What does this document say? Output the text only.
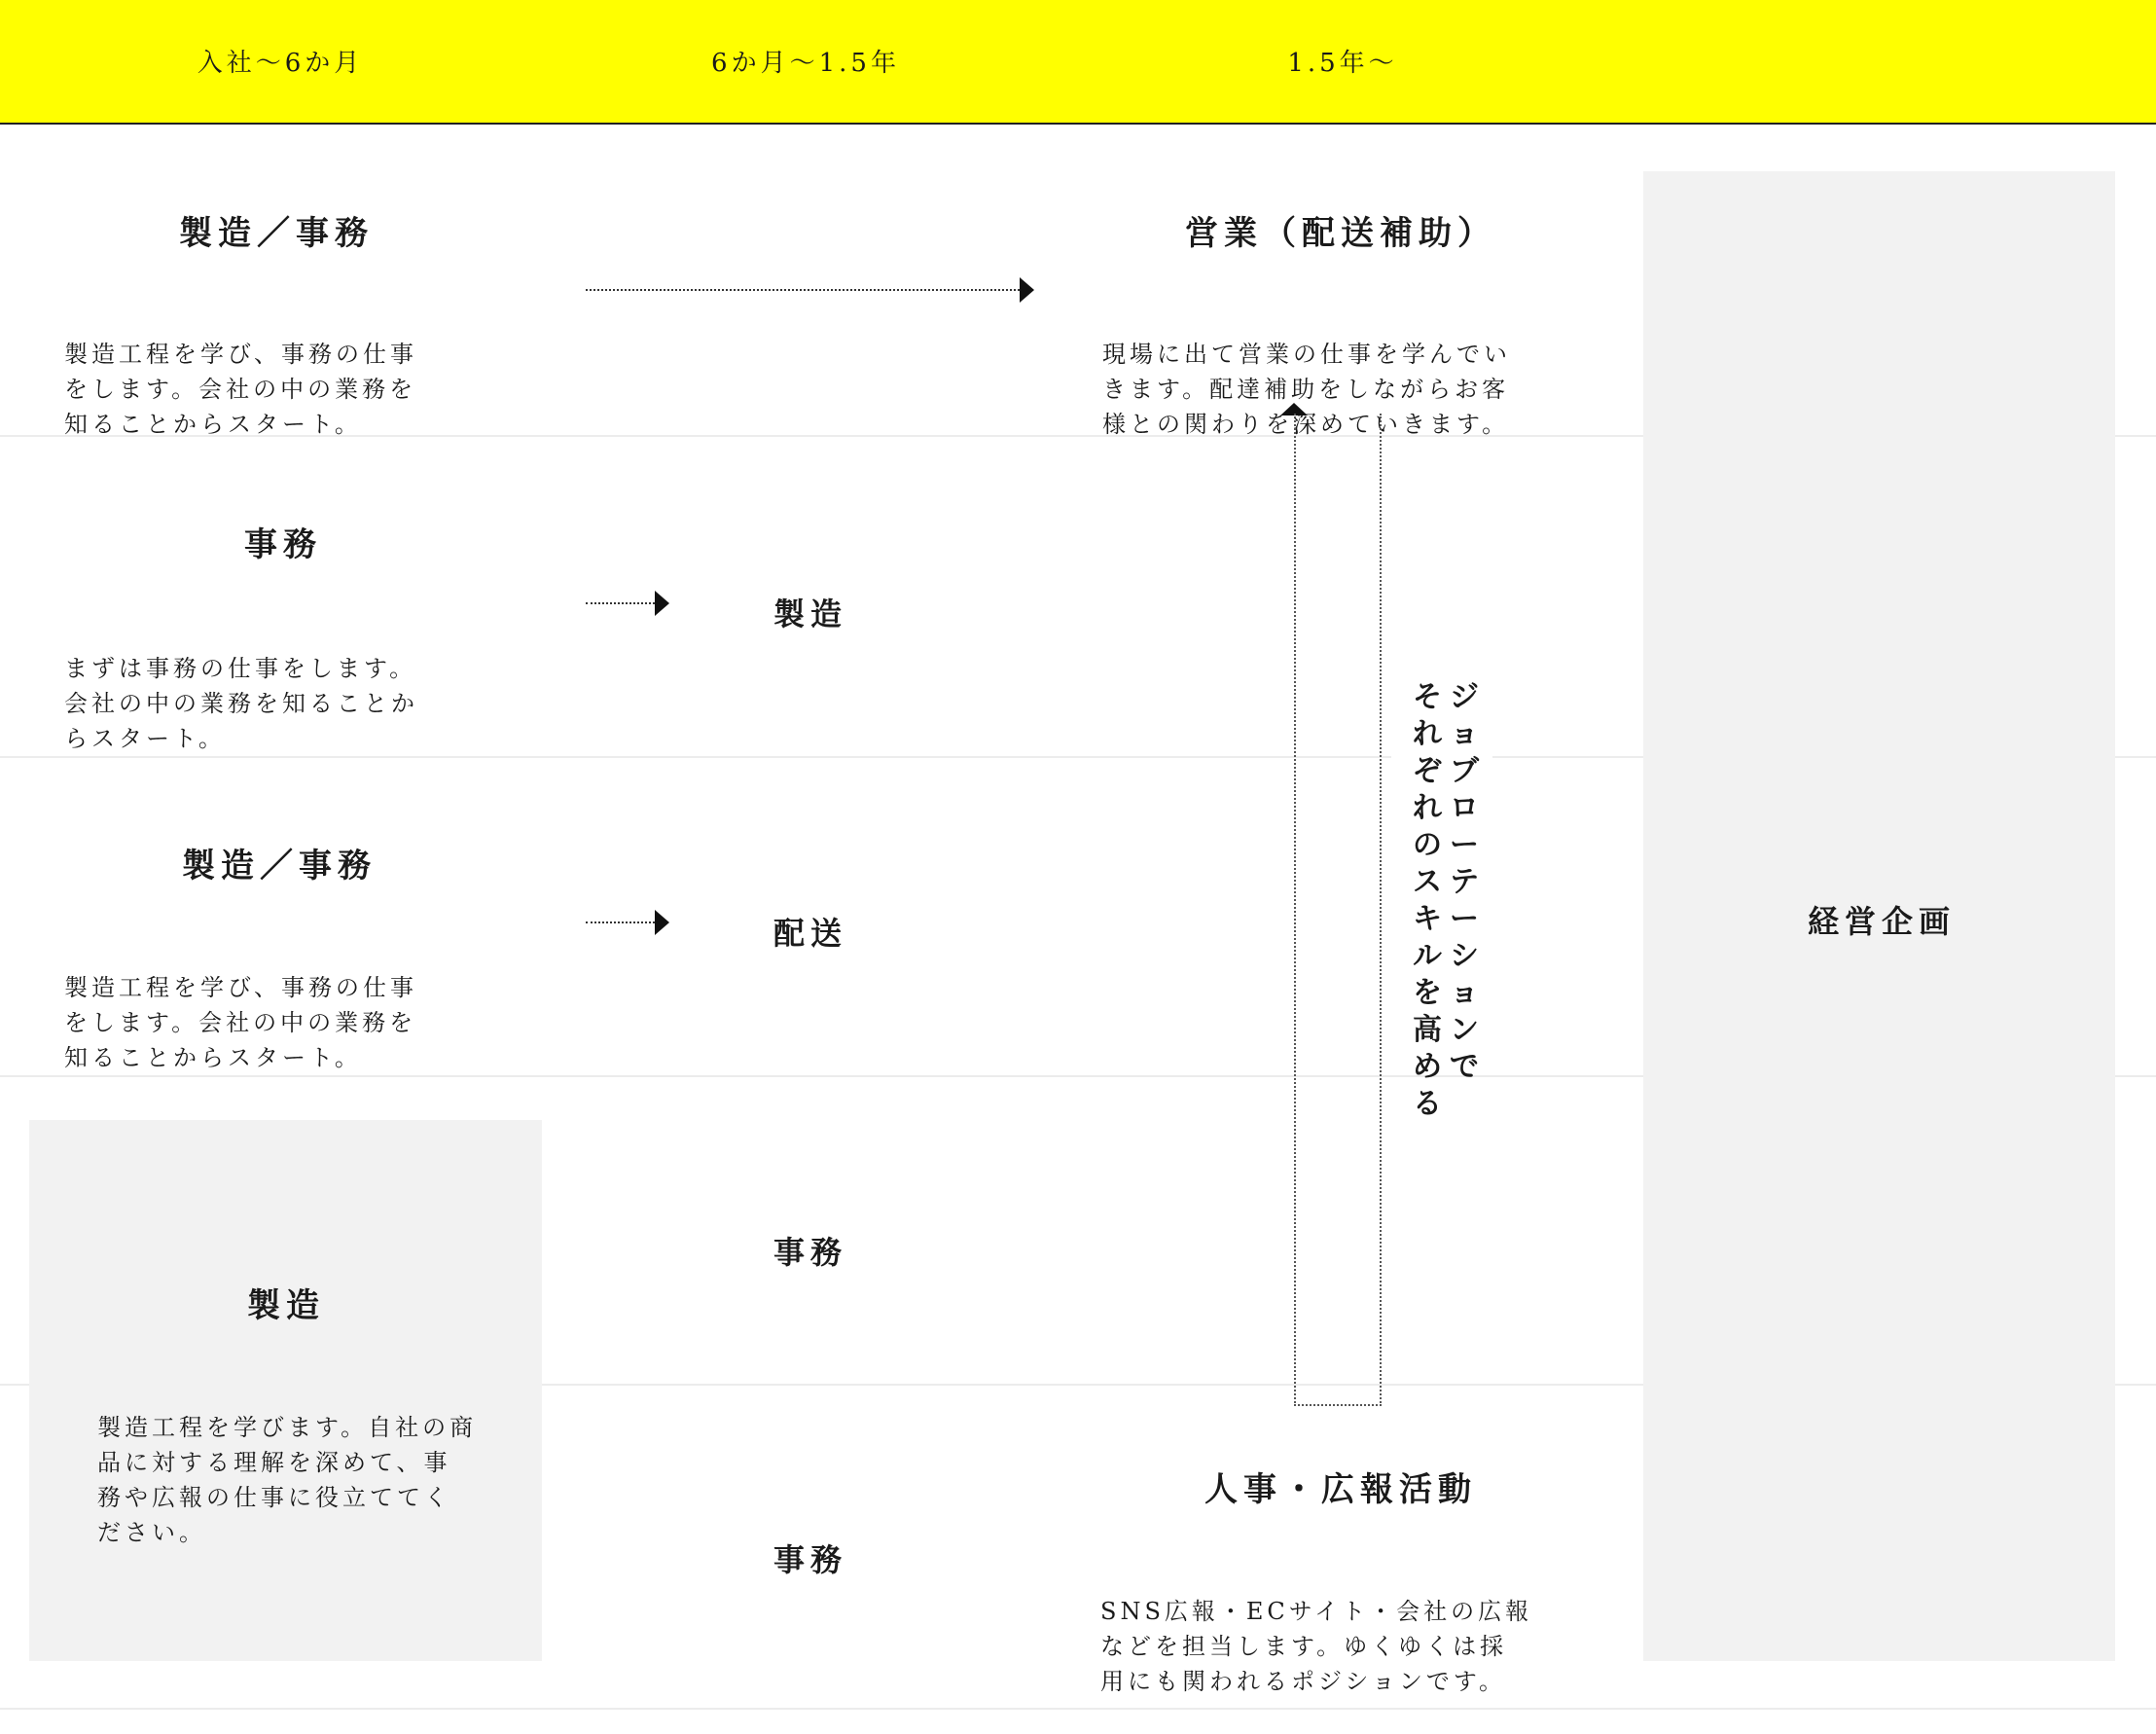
入社〜6か月	6か月〜1.5年	1.5年〜
製造／事務

製造工程を学び、事務の仕事
をします。会社の中の業務を
知ることからスタート。

営業（配送補助）

現場に出て営業の仕事を学んでい
きます。配達補助をしながらお客
様との関わりを深めていきます。

事務

まずは事務の仕事をします。
会社の中の業務を知ることか
らスタート。

製造
製造／事務

製造工程を学び、事務の仕事
をします。会社の中の業務を
知ることからスタート。

配送
製造

製造工程を学びます。自社の商
品に対する理解を深めて、事
務や広報の仕事に役立ててく
ださい。

事務
事務
人事・広報活動

SNS広報・ECサイト・会社の広報
などを担当します。ゆくゆくは採
用にも関われるポジションです。

ジョブローテーションで
それぞれのスキルを高める
経営企画
